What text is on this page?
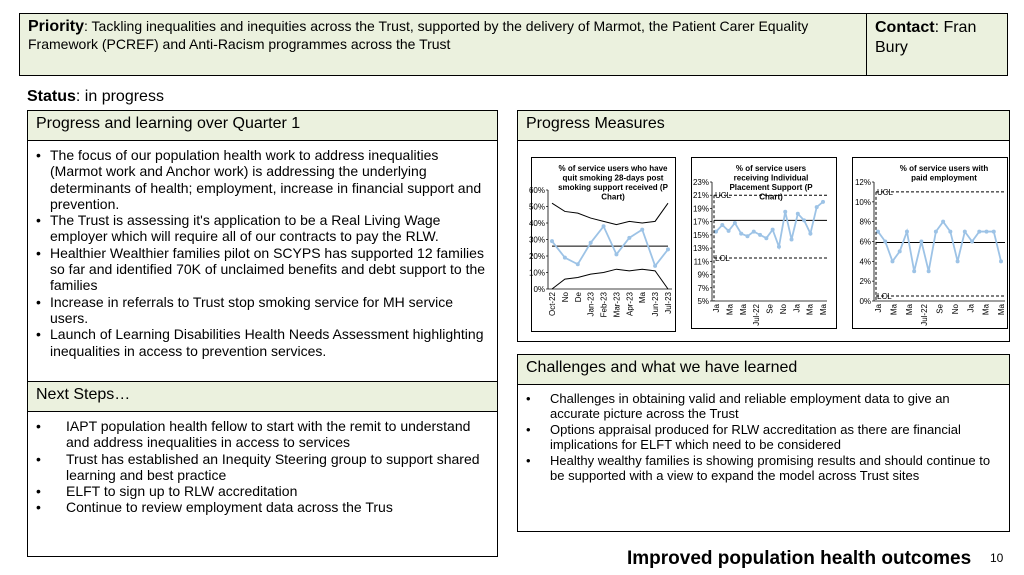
Priority: Tackling inequalities and inequities across the Trust, supported by the delivery of Marmot, the Patient Carer Equality Framework (PCREF) and Anti-Racism programmes across the Trust
Contact: Fran Bury
Status: in progress
Progress and learning over Quarter 1
• The focus of our population health work to address inequalities (Marmot work and Anchor work) is addressing the underlying determinants of health; employment, increase in financial support and prevention.
• The Trust is assessing it's application to be a Real Living Wage employer which will require all of our contracts to pay the RLW.
• Healthier Wealthier families pilot on SCYPS has supported 12 families so far and identified 70K of unclaimed benefits and debt support to the families
• Increase in referrals to Trust stop smoking service for MH service users.
• Launch of Learning Disabilities Health Needs Assessment highlighting inequalities in access to prevention services.
Next Steps…
• IAPT population health fellow to start with the remit to understand and address inequalities in access to services
• Trust has established an Inequity Steering group to support shared learning and best practice
• ELFT to sign up to RLW accreditation
• Continue to review employment data across the Trus
Progress Measures
% of service users who have
quit smoking 28-days post
smoking support received (P
Chart)
0%
10%
20%
30%
40%
50%
60%
Oct-22 No De Jan-23 Feb-23 Mar-23 Apr-23 Ma Jun-23 Jul-23
% of service users
receiving Individual
Placement Support (P
Chart)
5%
7%
9%
11%
13%
15%
17%
19%
21%
23%
Ja Ma Ma Jul-22 Se No Ja Ma Ma
UCL
LCL
% of service users with
paid employment
0%
2%
4%
6%
8%
10%
12%
Ja Ma Ma Jul-22 Se No Ja Ma Ma
UCL
LCL
Challenges and what we have learned
• Challenges in obtaining valid and reliable employment data to give an accurate picture across the Trust
• Options appraisal produced for RLW accreditation as there are financial implications for ELFT which need to be considered
• Healthy wealthy families is showing promising results and should continue to be supported with a view to expand the model across Trust sites
Improved population health outcomes 10
